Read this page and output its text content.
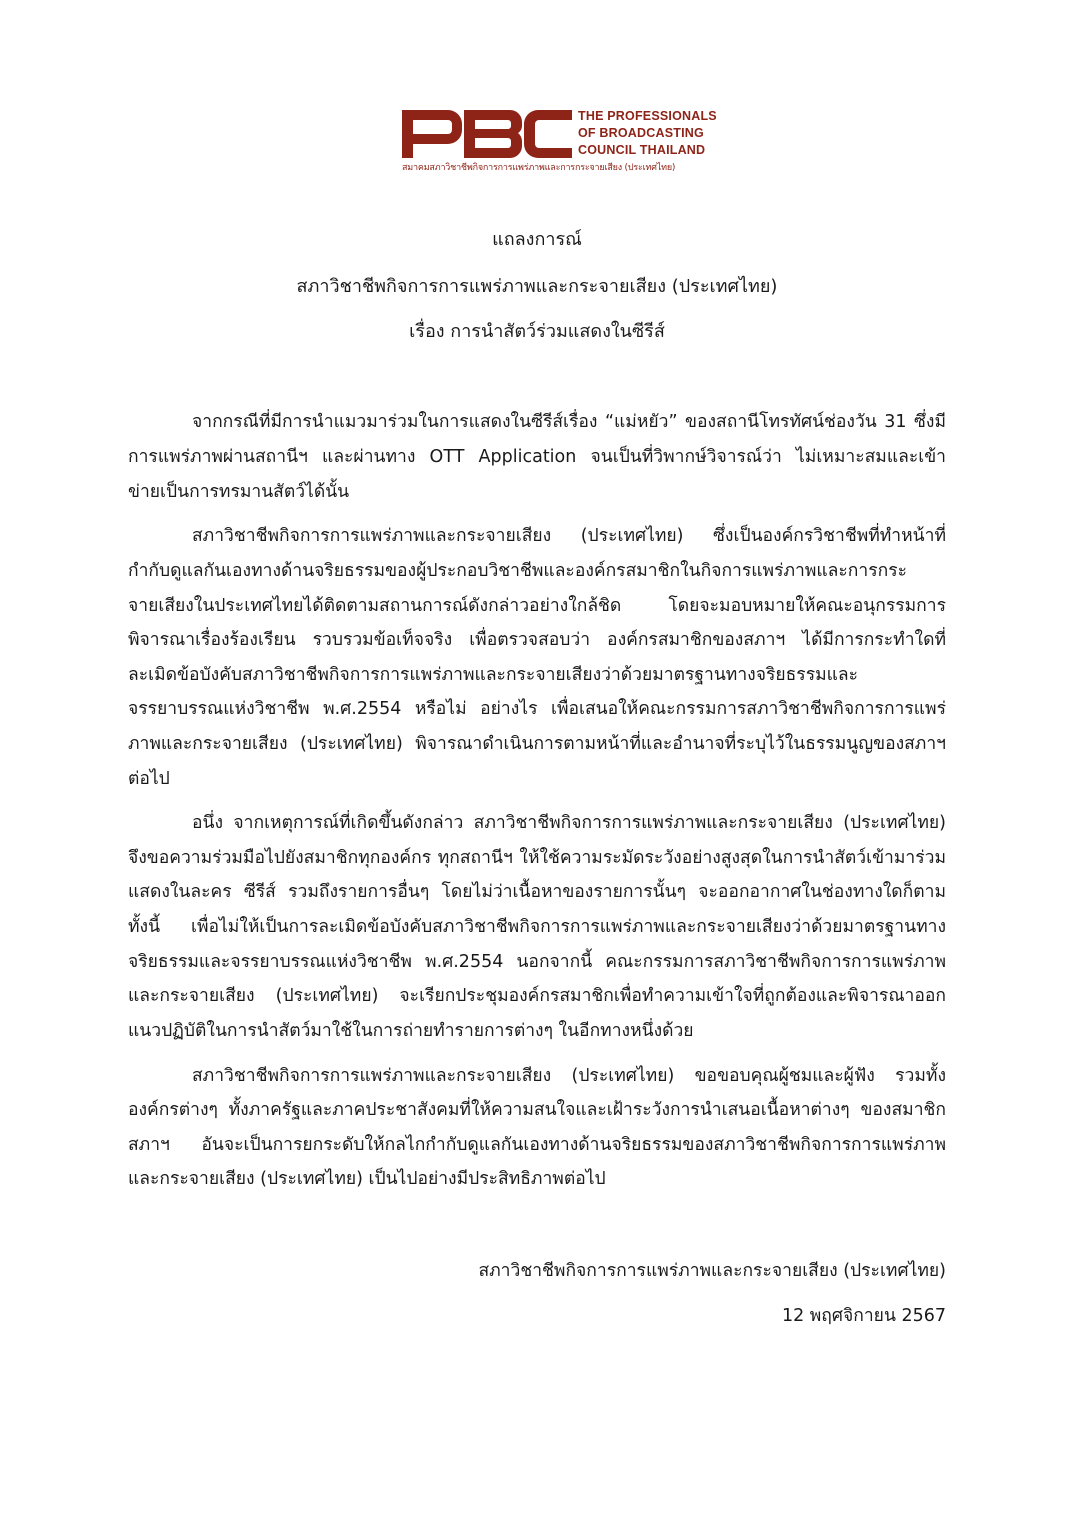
THE PROFESSIONALS
OF BROADCASTING
COUNCIL THAILAND
สมาคมสภาวิชาชีพกิจการการแพร่ภาพและการกระจายเสียง (ประเทศไทย)
แถลงการณ์
สภาวิชาชีพกิจการการแพร่ภาพและกระจายเสียง (ประเทศไทย)
เรื่อง การนำสัตว์ร่วมแสดงในซีรีส์
จากกรณีที่มีการนำแมวมาร่วมในการแสดงในซีรีส์เรื่อง “แม่หยัว” ของสถานีโทรทัศน์ช่องวัน 31 ซึ่งมี
การแพร่ภาพผ่านสถานีฯ และผ่านทาง OTT Application จนเป็นที่วิพากษ์วิจารณ์ว่า ไม่เหมาะสมและเข้า
ข่ายเป็นการทรมานสัตว์ได้นั้น
สภาวิชาชีพกิจการการแพร่ภาพและกระจายเสียง (ประเทศไทย) ซึ่งเป็นองค์กรวิชาชีพที่ทำหน้าที่
กำกับดูแลกันเองทางด้านจริยธรรมของผู้ประกอบวิชาชีพและองค์กรสมาชิกในกิจการแพร่ภาพและการกระ
จายเสียงในประเทศไทยได้ติดตามสถานการณ์ดังกล่าวอย่างใกล้ชิด โดยจะมอบหมายให้คณะอนุกรรมการ
พิจารณาเรื่องร้องเรียน รวบรวมข้อเท็จจริง เพื่อตรวจสอบว่า องค์กรสมาชิกของสภาฯ ได้มีการกระทำใดที่
ละเมิดข้อบังคับสภาวิชาชีพกิจการการแพร่ภาพและกระจายเสียงว่าด้วยมาตรฐานทางจริยธรรมและ
จรรยาบรรณแห่งวิชาชีพ พ.ศ.2554 หรือไม่ อย่างไร เพื่อเสนอให้คณะกรรมการสภาวิชาชีพกิจการการแพร่
ภาพและกระจายเสียง (ประเทศไทย) พิจารณาดำเนินการตามหน้าที่และอำนาจที่ระบุไว้ในธรรมนูญของสภาฯ
ต่อไป
อนึ่ง จากเหตุการณ์ที่เกิดขึ้นดังกล่าว สภาวิชาชีพกิจการการแพร่ภาพและกระจายเสียง (ประเทศไทย)
จึงขอความร่วมมือไปยังสมาชิกทุกองค์กร ทุกสถานีฯ ให้ใช้ความระมัดระวังอย่างสูงสุดในการนำสัตว์เข้ามาร่วม
แสดงในละคร ซีรีส์ รวมถึงรายการอื่นๆ โดยไม่ว่าเนื้อหาของรายการนั้นๆ จะออกอากาศในช่องทางใดก็ตาม
ทั้งนี้ เพื่อไม่ให้เป็นการละเมิดข้อบังคับสภาวิชาชีพกิจการการแพร่ภาพและกระจายเสียงว่าด้วยมาตรฐานทาง
จริยธรรมและจรรยาบรรณแห่งวิชาชีพ พ.ศ.2554 นอกจากนี้ คณะกรรมการสภาวิชาชีพกิจการการแพร่ภาพ
และกระจายเสียง (ประเทศไทย) จะเรียกประชุมองค์กรสมาชิกเพื่อทำความเข้าใจที่ถูกต้องและพิจารณาออก
แนวปฏิบัติในการนำสัตว์มาใช้ในการถ่ายทำรายการต่างๆ ในอีกทางหนึ่งด้วย
สภาวิชาชีพกิจการการแพร่ภาพและกระจายเสียง (ประเทศไทย) ขอขอบคุณผู้ชมและผู้ฟัง รวมทั้ง
องค์กรต่างๆ ทั้งภาครัฐและภาคประชาสังคมที่ให้ความสนใจและเฝ้าระวังการนำเสนอเนื้อหาต่างๆ ของสมาชิก
สภาฯ อันจะเป็นการยกระดับให้กลไกกำกับดูแลกันเองทางด้านจริยธรรมของสภาวิชาชีพกิจการการแพร่ภาพ
และกระจายเสียง (ประเทศไทย) เป็นไปอย่างมีประสิทธิภาพต่อไป
สภาวิชาชีพกิจการการแพร่ภาพและกระจายเสียง (ประเทศไทย)
12 พฤศจิกายน 2567
